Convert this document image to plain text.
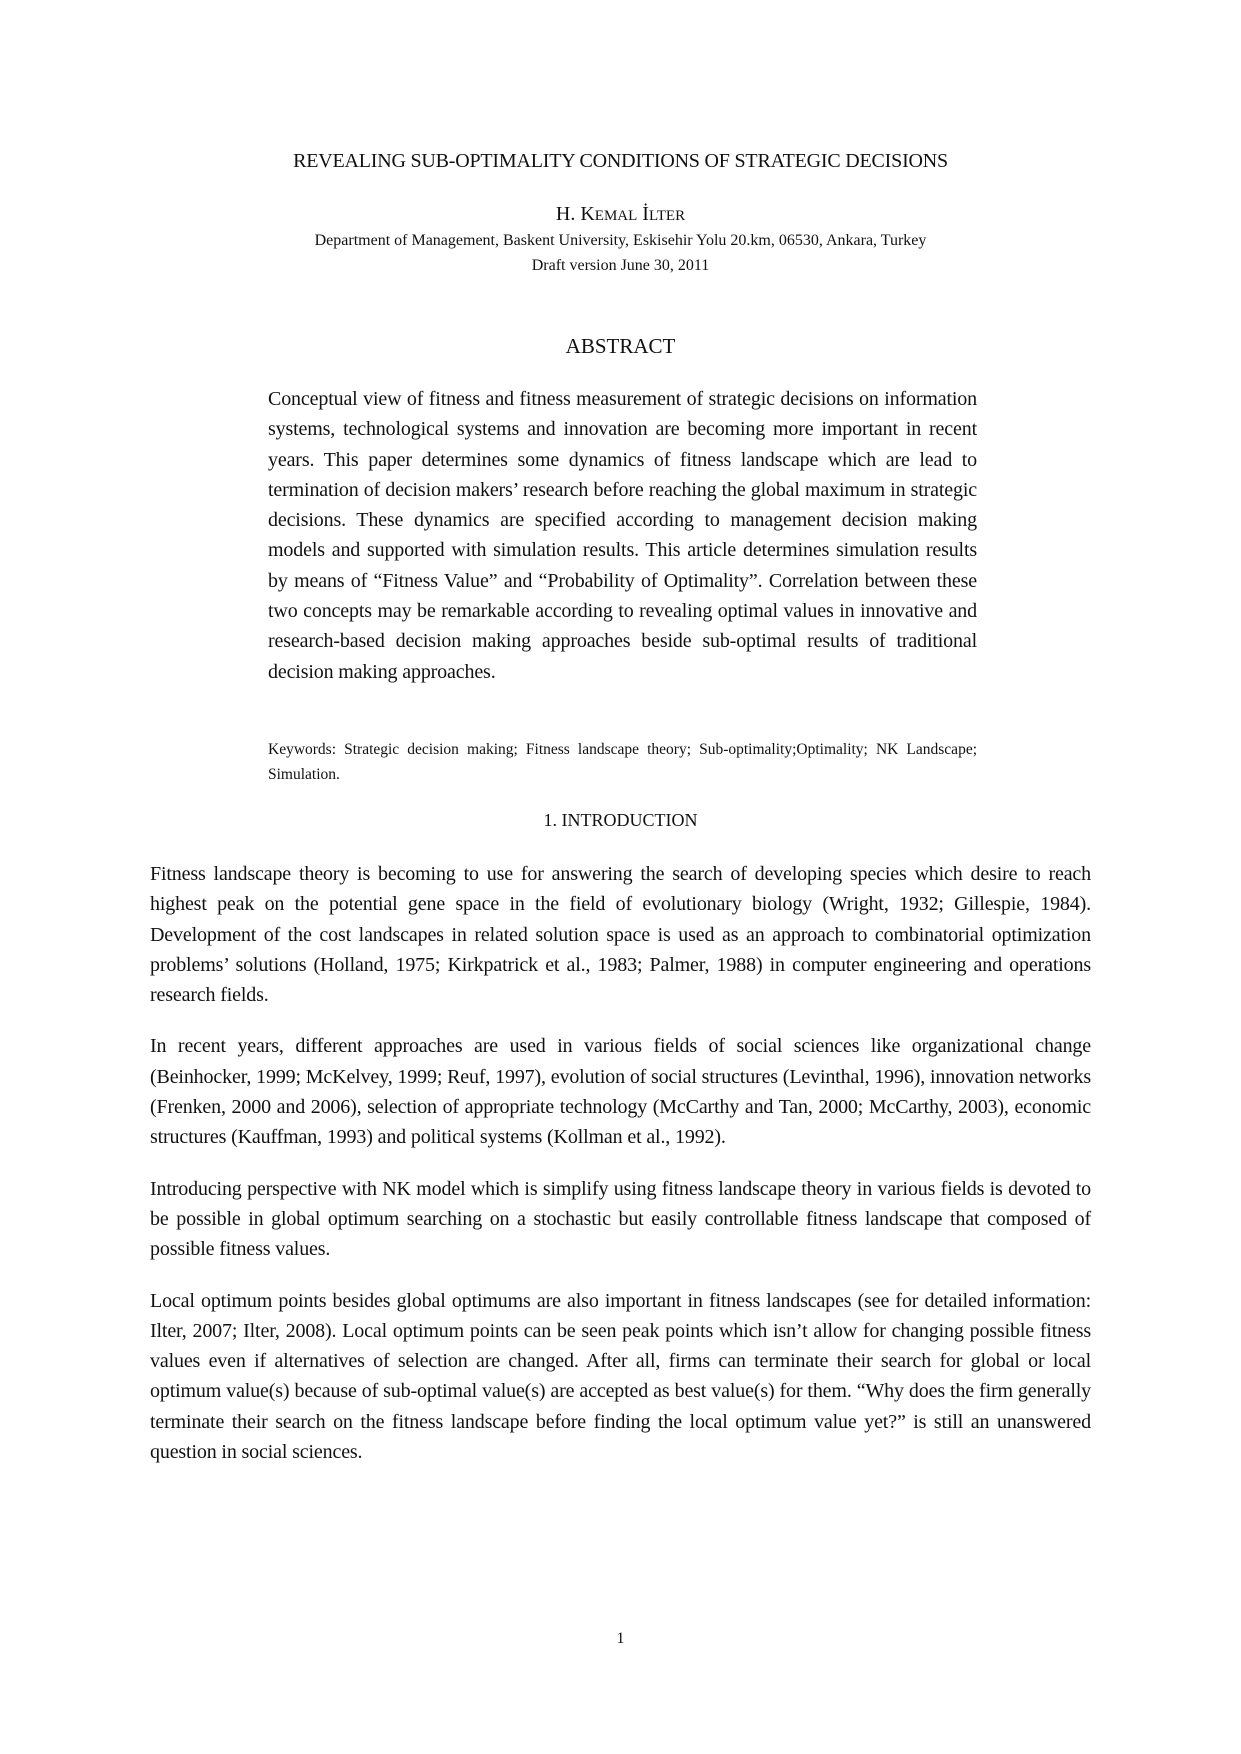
REVEALING SUB-OPTIMALITY CONDITIONS OF STRATEGIC DECISIONS
H. KEMAL İLTER
Department of Management, Baskent University, Eskisehir Yolu 20.km, 06530, Ankara, Turkey
Draft version June 30, 2011
ABSTRACT
Conceptual view of fitness and fitness measurement of strategic decisions on information systems, technological systems and innovation are becoming more important in recent years. This paper determines some dynamics of fitness landscape which are lead to termination of decision makers’ research before reaching the global maximum in strategic decisions. These dynamics are specified according to management decision making models and supported with simulation results. This article determines simulation results by means of “Fitness Value” and “Probability of Optimality”. Correlation between these two concepts may be remarkable according to revealing optimal values in innovative and research-based decision making approaches beside sub-optimal results of traditional decision making approaches.
Keywords: Strategic decision making; Fitness landscape theory; Sub-optimality;Optimality; NK Landscape; Simulation.
1. INTRODUCTION

Fitness landscape theory is becoming to use for answering the search of developing species which desire to reach highest peak on the potential gene space in the field of evolutionary biology (Wright, 1932; Gillespie, 1984). Development of the cost landscapes in related solution space is used as an approach to combinatorial optimization problems’ solutions (Holland, 1975; Kirkpatrick et al., 1983; Palmer, 1988) in computer engineering and operations research fields.

In recent years, different approaches are used in various fields of social sciences like organizational change (Beinhocker, 1999; McKelvey, 1999; Reuf, 1997), evolution of social structures (Levinthal, 1996), innovation networks (Frenken, 2000 and 2006), selection of appropriate technology (McCarthy and Tan, 2000; McCarthy, 2003), economic structures (Kauffman, 1993) and political systems (Kollman et al., 1992).

Introducing perspective with NK model which is simplify using fitness landscape theory in various fields is devoted to be possible in global optimum searching on a stochastic but easily controllable fitness landscape that composed of possible fitness values.

Local optimum points besides global optimums are also important in fitness landscapes (see for detailed information: Ilter, 2007; Ilter, 2008). Local optimum points can be seen peak points which isn’t allow for changing possible fitness values even if alternatives of selection are changed. After all, firms can terminate their search for global or local optimum value(s) because of sub-optimal value(s) are accepted as best value(s) for them. “Why does the firm generally terminate their search on the fitness landscape before finding the local optimum value yet?” is still an unanswered question in social sciences.

1
